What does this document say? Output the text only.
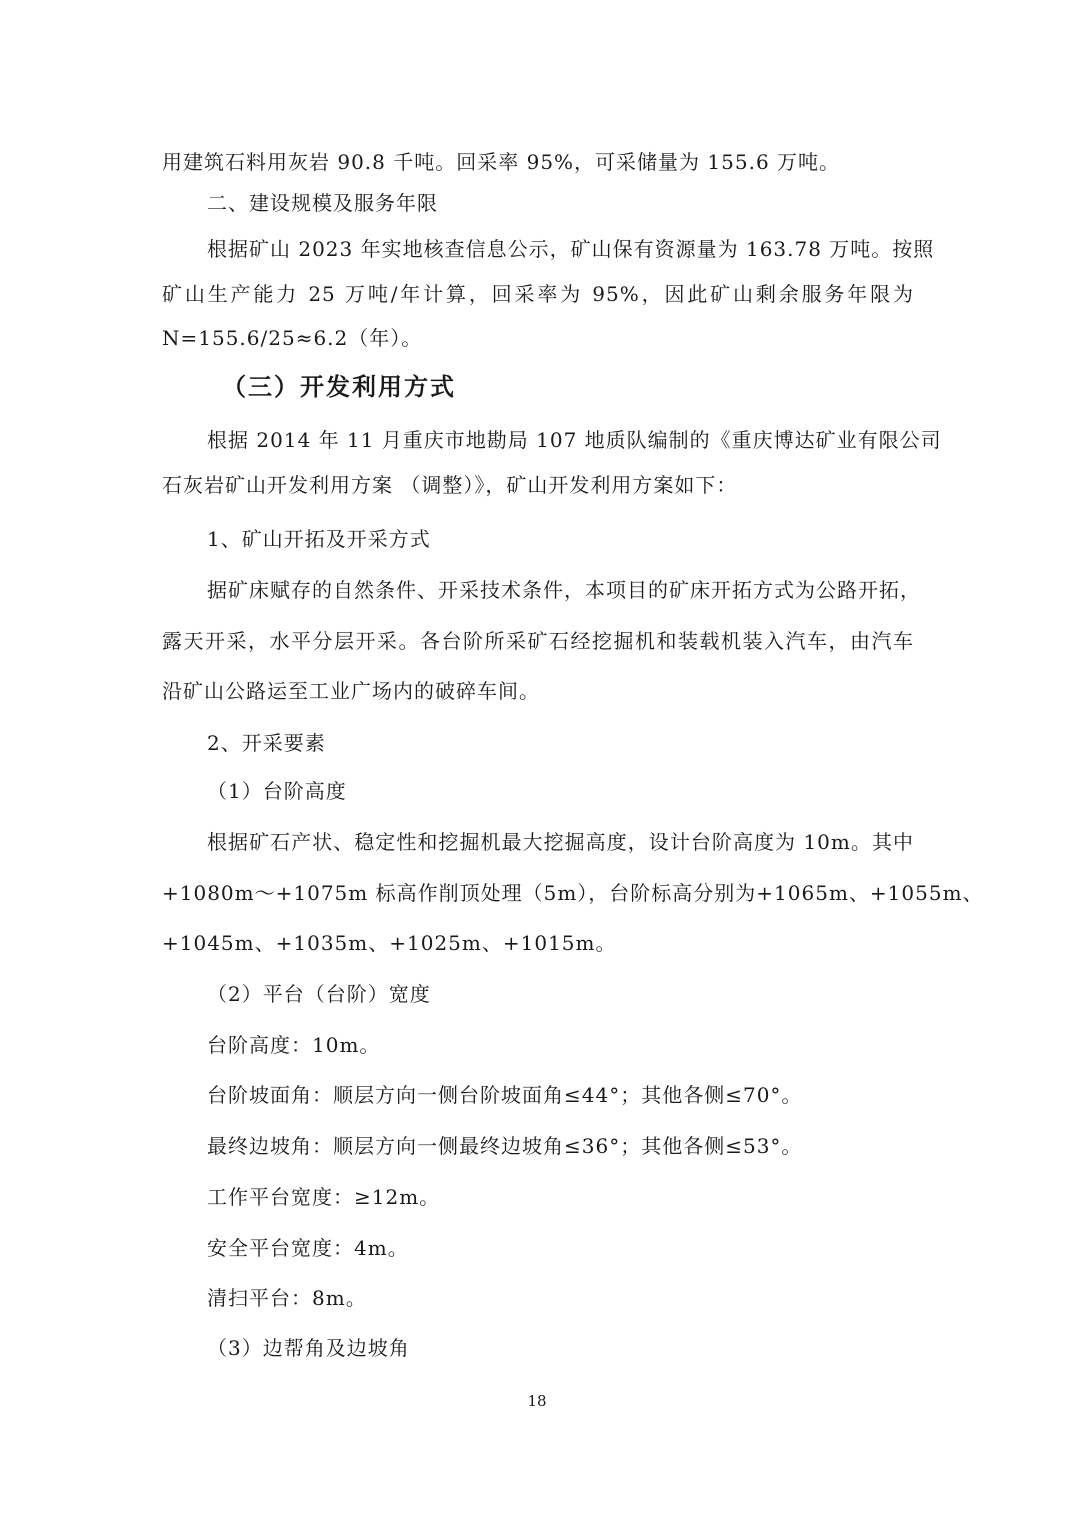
用建筑石料用灰岩 90.8 千吨。回采率 95%，可采储量为 155.6 万吨。
二、建设规模及服务年限
根据矿山 2023 年实地核查信息公示，矿山保有资源量为 163.78 万吨。按照
矿山生产能力 25 万吨/年计算，回采率为 95%，因此矿山剩余服务年限为
N=155.6/25≈6.2（年）。
（三）开发利用方式
根据 2014 年 11 月重庆市地勘局 107 地质队编制的《重庆博达矿业有限公司
石灰岩矿山开发利用方案 （调整）》，矿山开发利用方案如下：
1、矿山开拓及开采方式
据矿床赋存的自然条件、开采技术条件，本项目的矿床开拓方式为公路开拓，
露天开采，水平分层开采。各台阶所采矿石经挖掘机和装载机装入汽车，由汽车
沿矿山公路运至工业广场内的破碎车间。
2、开采要素
（1）台阶高度
根据矿石产状、稳定性和挖掘机最大挖掘高度，设计台阶高度为 10m。其中
+1080m～+1075m 标高作削顶处理（5m），台阶标高分别为+1065m、+1055m、
+1045m、+1035m、+1025m、+1015m。
（2）平台（台阶）宽度
台阶高度：10m。
台阶坡面角：顺层方向一侧台阶坡面角≤44°；其他各侧≤70°。
最终边坡角：顺层方向一侧最终边坡角≤36°；其他各侧≤53°。
工作平台宽度：≥12m。
安全平台宽度：4m。
清扫平台：8m。
（3）边帮角及边坡角
18
